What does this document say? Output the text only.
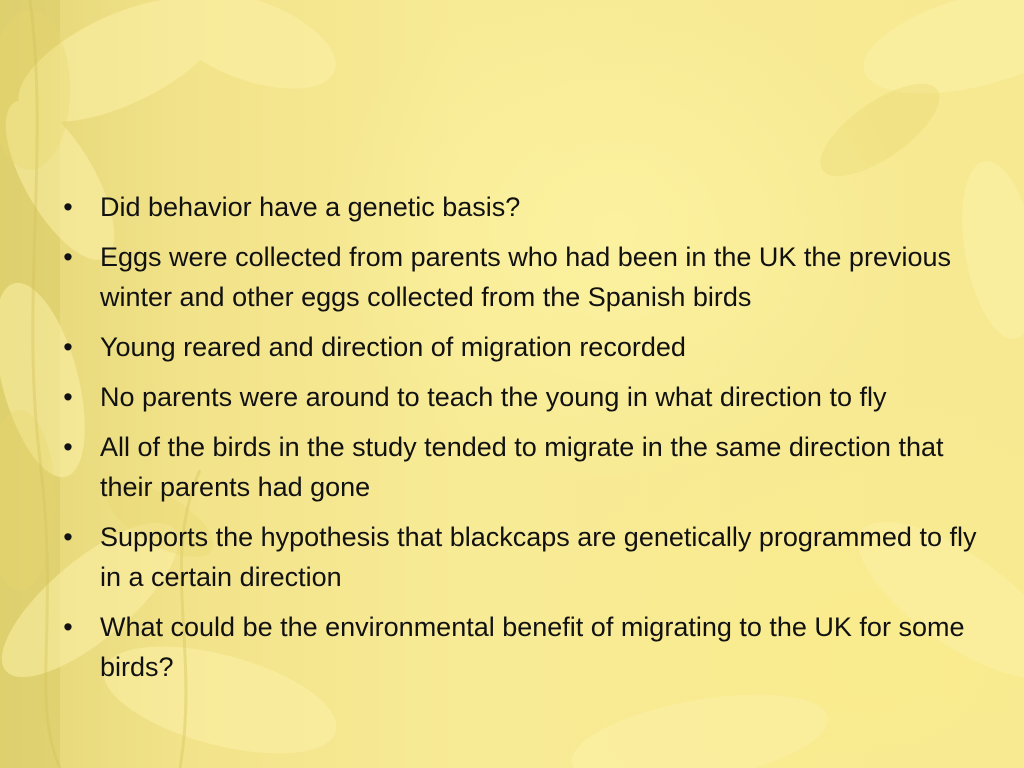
• Did behavior have a genetic basis?
• Eggs were collected from parents who had been in the UK the previous winter and other eggs collected from the Spanish birds
• Young reared and direction of migration recorded
• No parents were around to teach the young in what direction to fly
• All of the birds in the study tended to migrate in the same direction that their parents had gone
• Supports the hypothesis that blackcaps are genetically programmed to fly in a certain direction
• What could be the environmental benefit of migrating to the UK for some birds?
